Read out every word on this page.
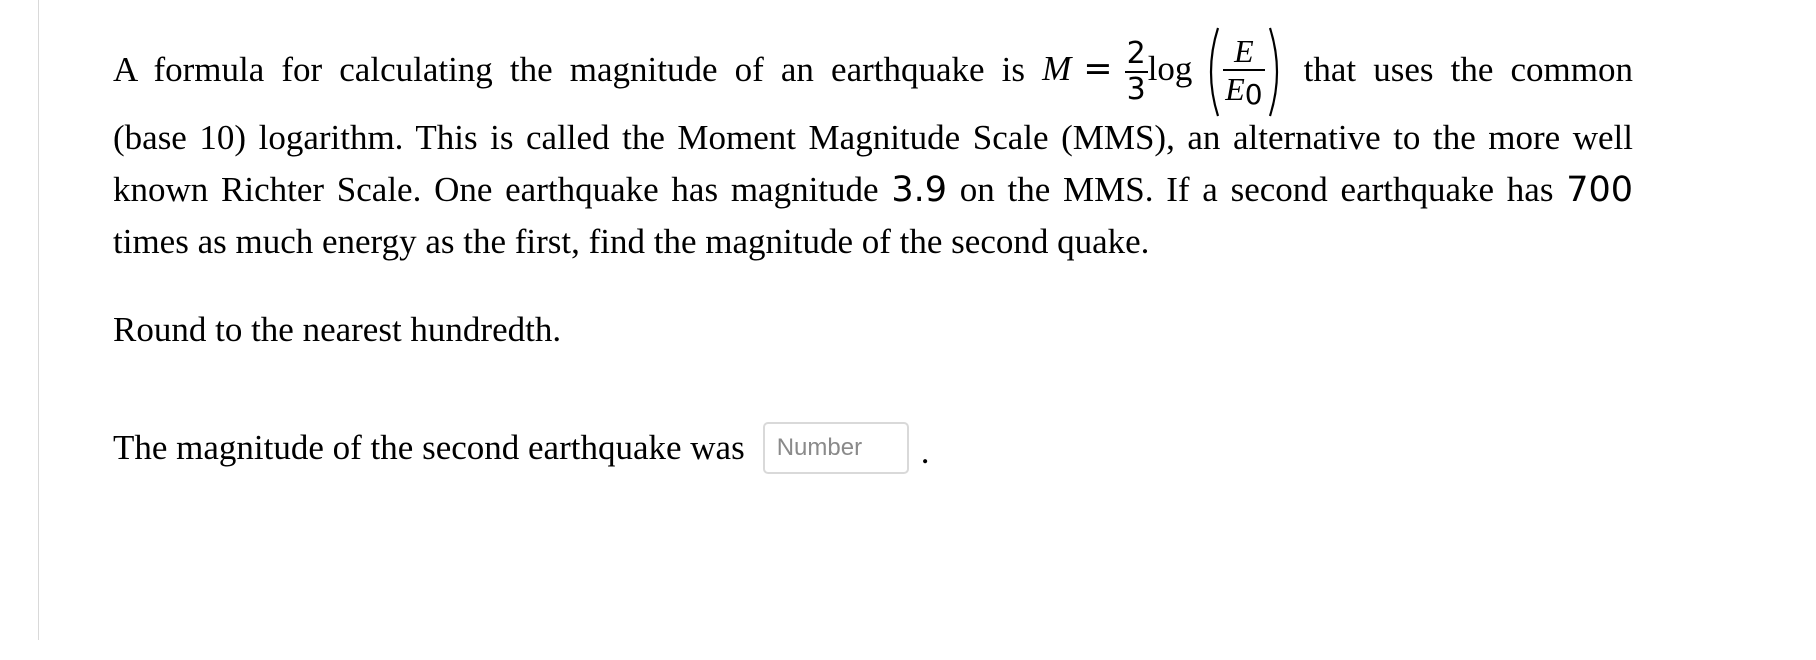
A formula for calculating the magnitude of an earthquake is $M = \frac{2}{3}$ $\log \frac{E}{E_0}$ that uses the common
(base 10) logarithm. This is called the Moment Magnitude Scale (MMS), an alternative to the more well known Richter Scale. One earthquake has magnitude 3.9 on the MMS. If a second earthquake has 700 times as much energy as the first, find the magnitude of the second quake.

Round to the nearest hundredth.

The magnitude of the second earthquake was
Number	.
